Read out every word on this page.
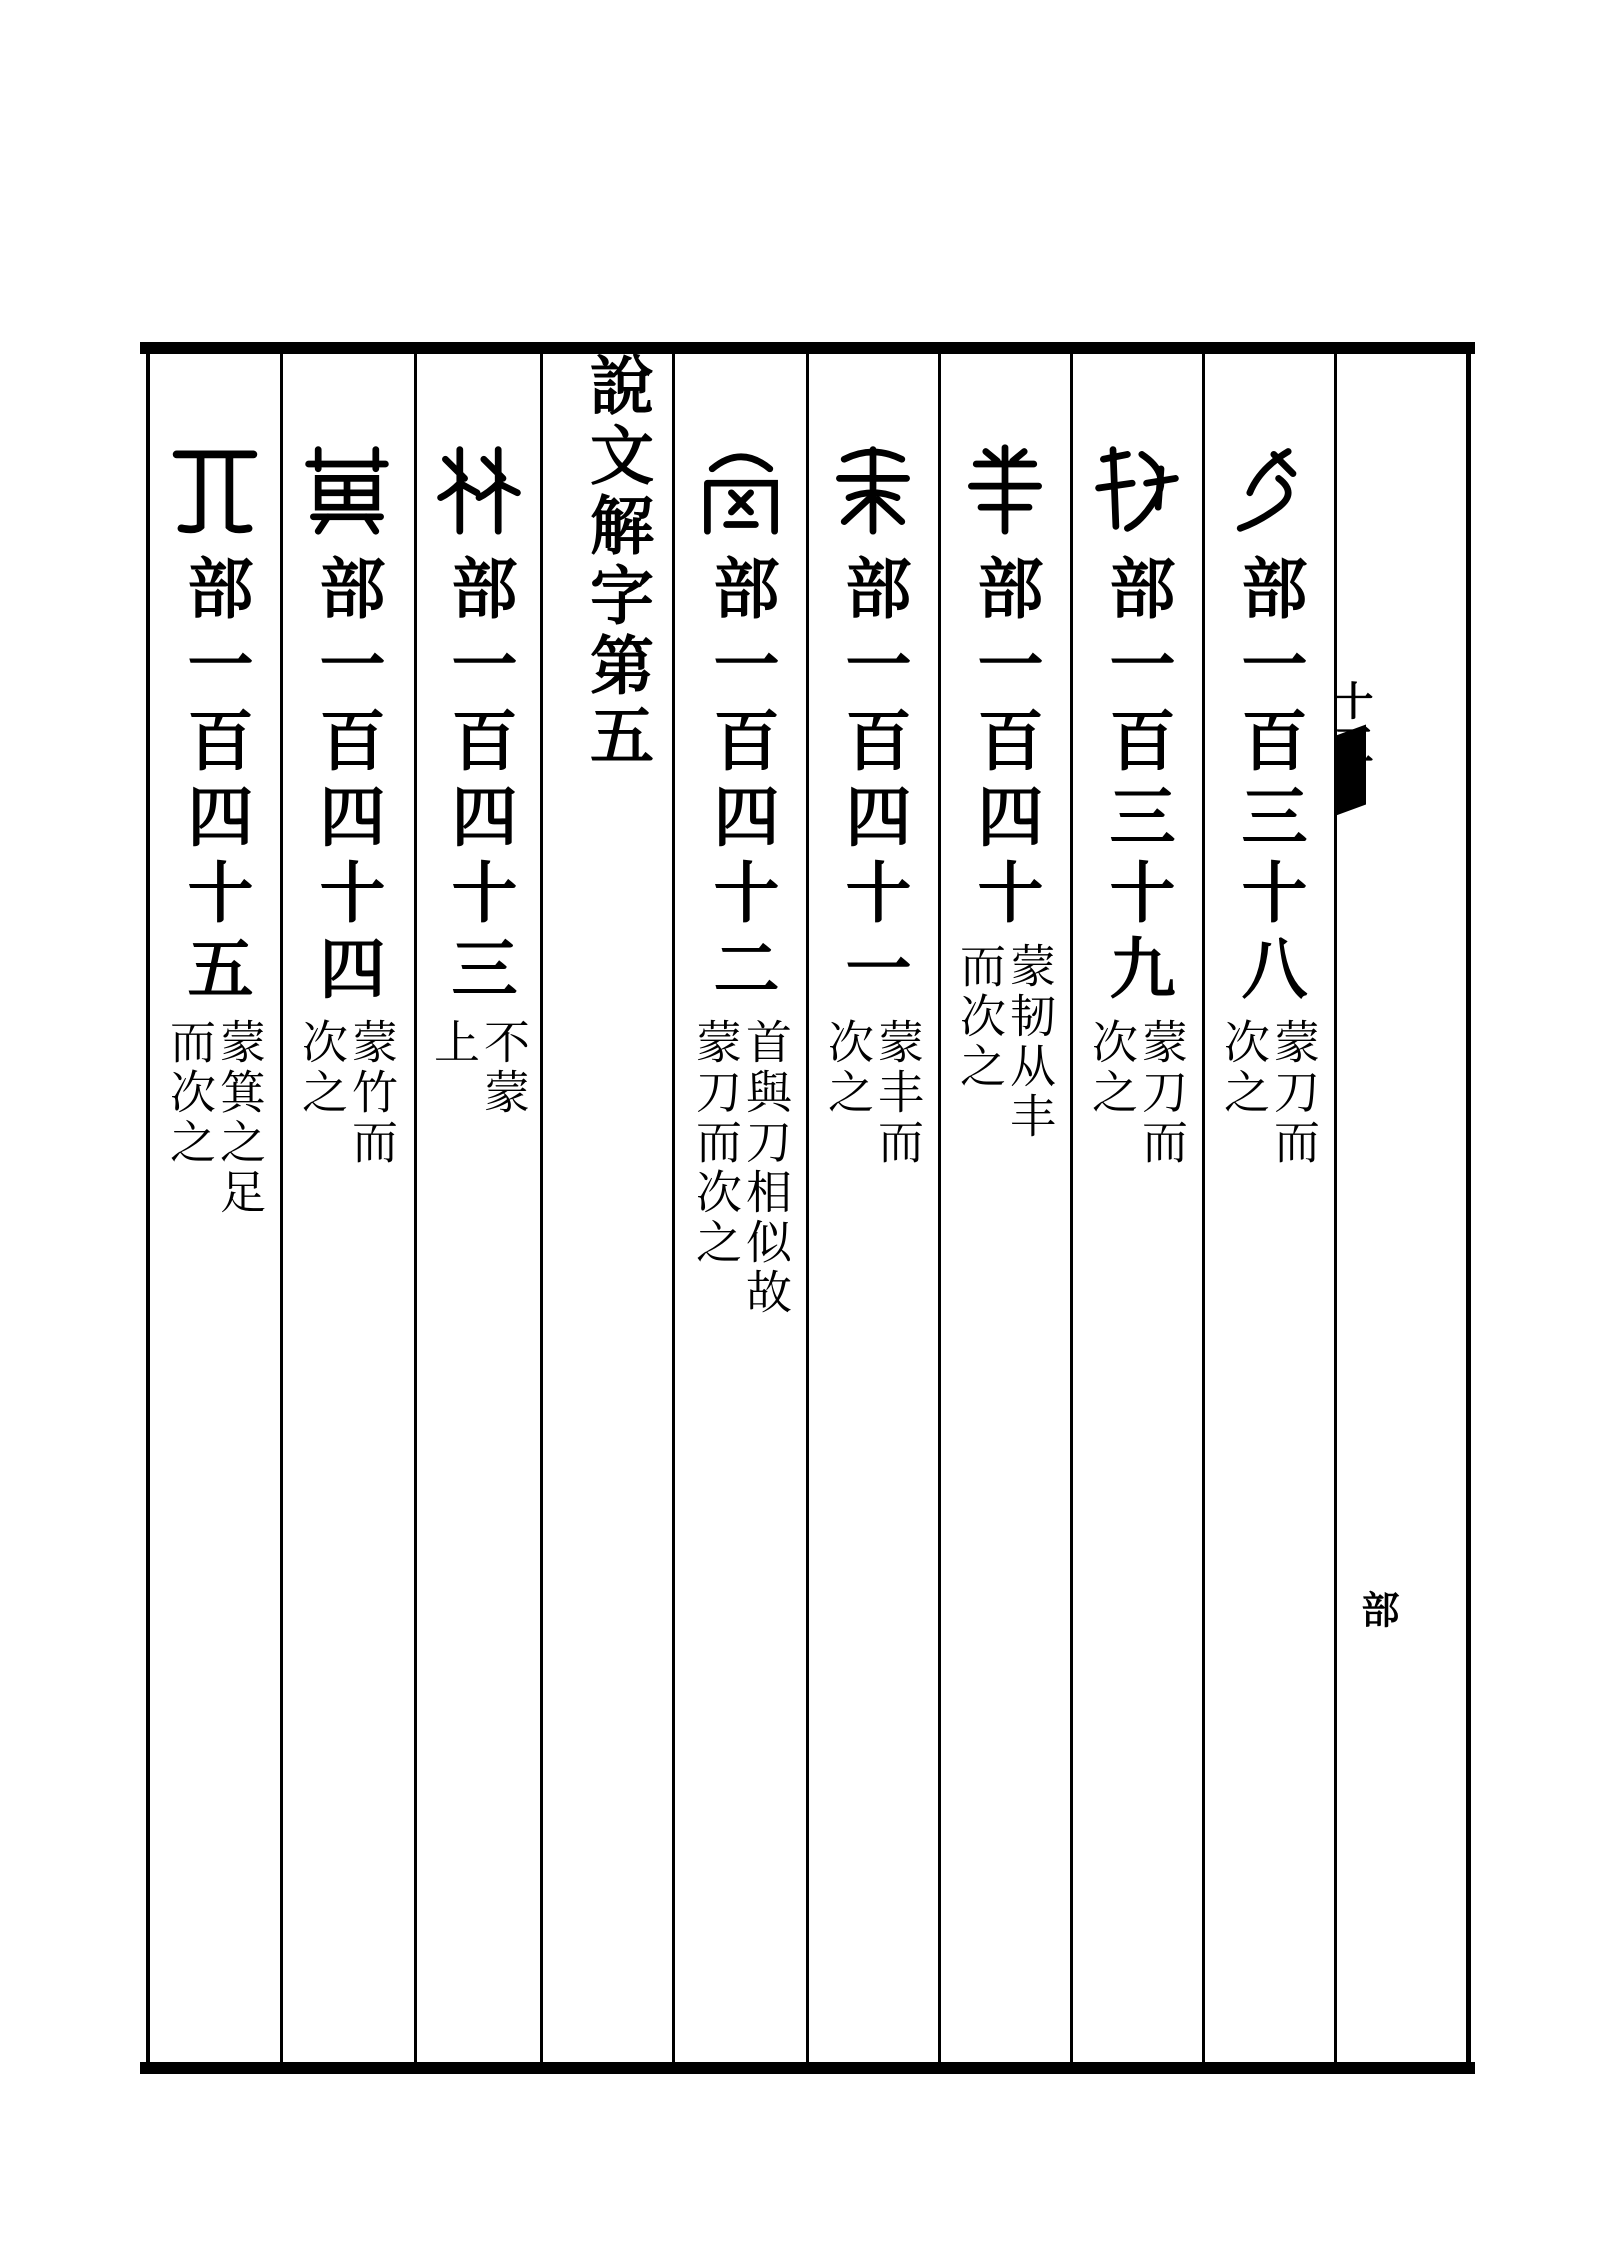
十五
部
說文解字第五	部一百三十八
蒙刀而
次之
部一百三十九
蒙刀而
次之
部一百四十
蒙韧从丰
而次之
部一百四十一
蒙丰而
次之
部一百四十二
首與刀相似故
蒙刀而次之
部一百四十三
不蒙
上
部一百四十四
蒙竹而
次之
部一百四十五
蒙箕之足
而次之
